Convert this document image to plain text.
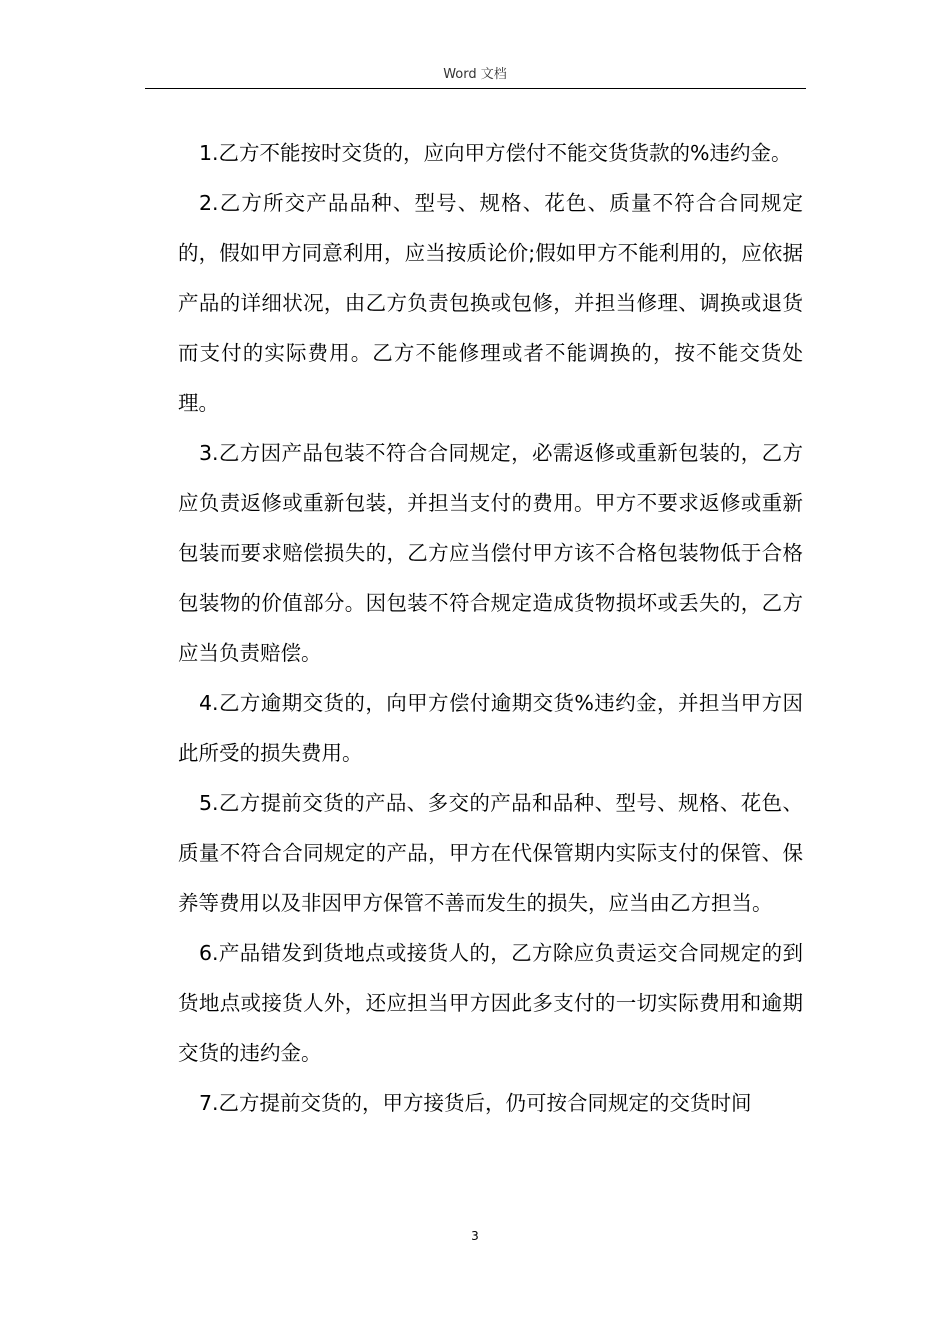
Word 文档

1.乙方不能按时交货的，应向甲方偿付不能交货货款的%违约金。

2.乙方所交产品品种、型号、规格、花色、质量不符合合同规定的，假如甲方同意利用，应当按质论价;假如甲方不能利用的，应依据产品的详细状况，由乙方负责包换或包修，并担当修理、调换或退货而支付的实际费用。乙方不能修理或者不能调换的，按不能交货处理。

3.乙方因产品包装不符合合同规定，必需返修或重新包装的，乙方应负责返修或重新包装，并担当支付的费用。甲方不要求返修或重新包装而要求赔偿损失的，乙方应当偿付甲方该不合格包装物低于合格包装物的价值部分。因包装不符合规定造成货物损坏或丢失的，乙方应当负责赔偿。

4.乙方逾期交货的，向甲方偿付逾期交货%违约金，并担当甲方因此所受的损失费用。

5.乙方提前交货的产品、多交的产品和品种、型号、规格、花色、质量不符合合同规定的产品，甲方在代保管期内实际支付的保管、保养等费用以及非因甲方保管不善而发生的损失，应当由乙方担当。

6.产品错发到货地点或接货人的，乙方除应负责运交合同规定的到货地点或接货人外，还应担当甲方因此多支付的一切实际费用和逾期交货的违约金。

7.乙方提前交货的，甲方接货后，仍可按合同规定的交货时间

3
